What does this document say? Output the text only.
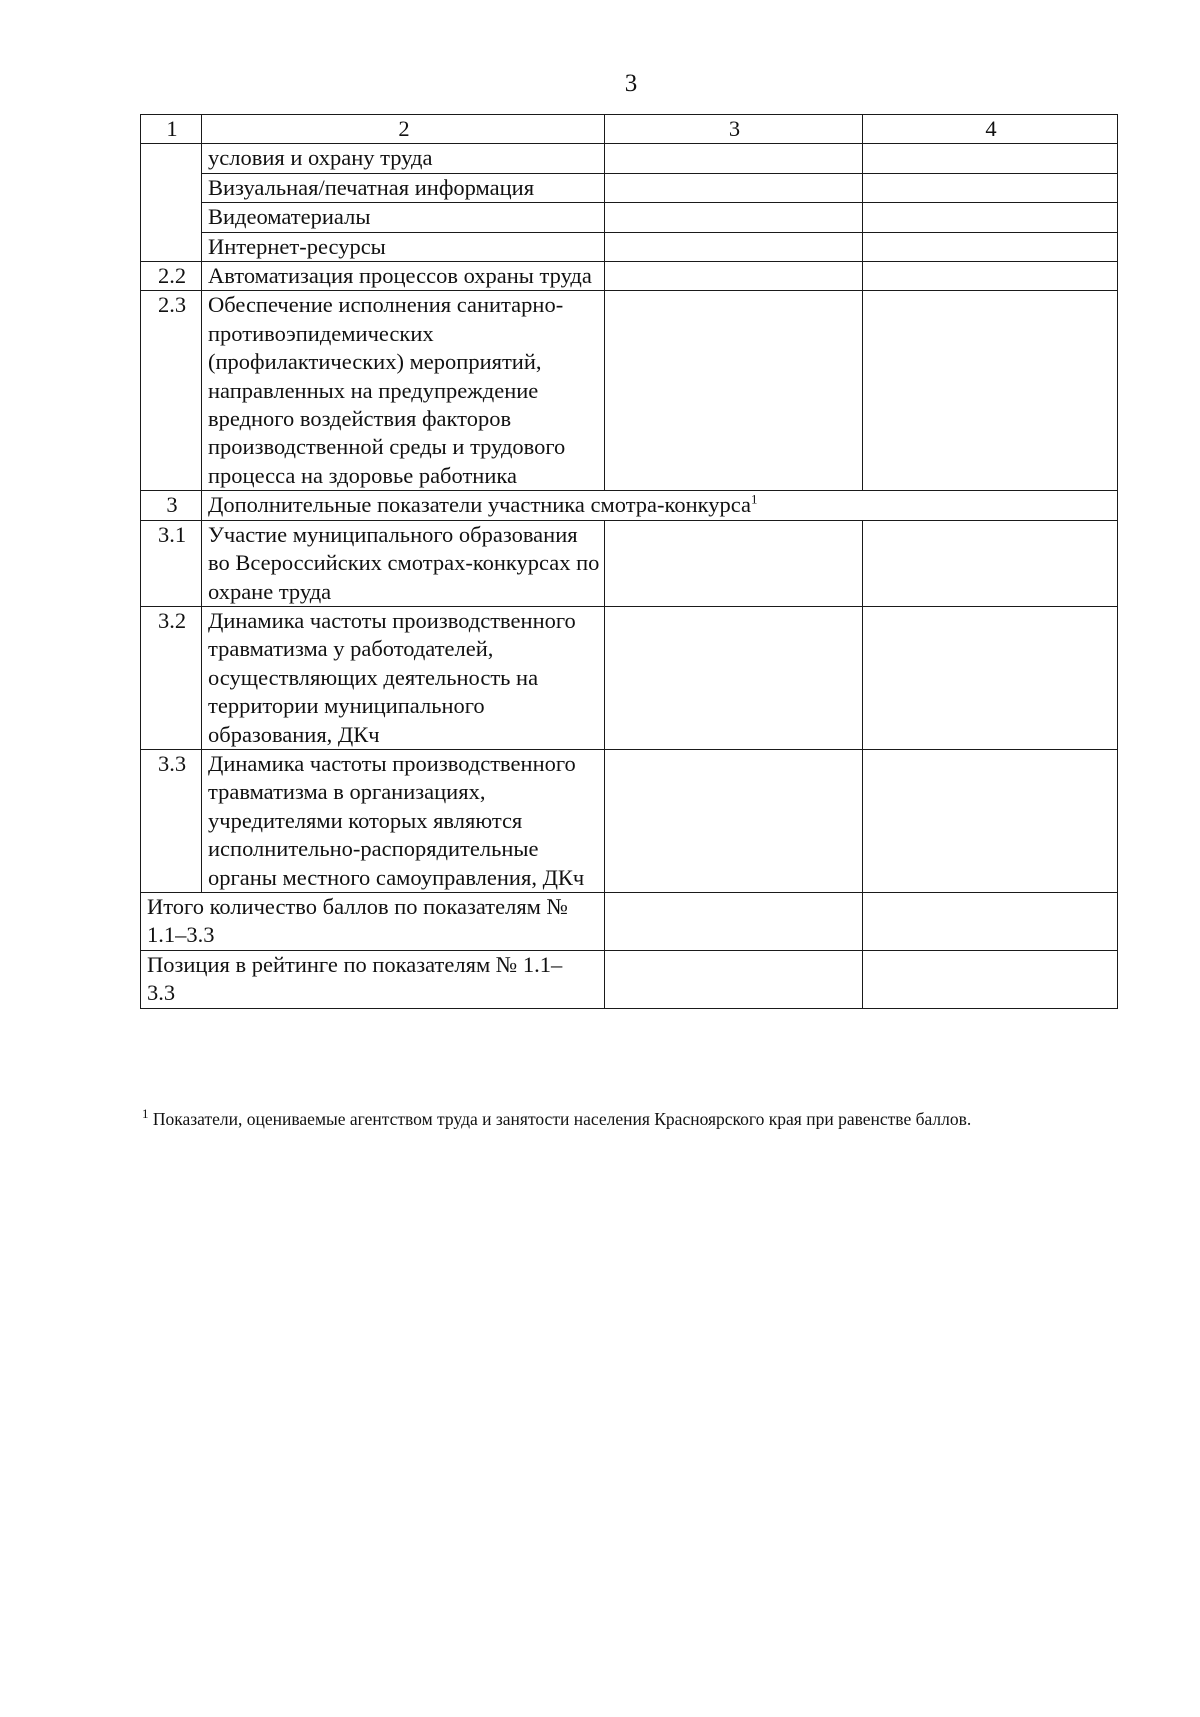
3
1	2	3	4
	условия и охрану труда		
	Визуальная/печатная информация		
	Видеоматериалы		
	Интернет-ресурсы		
2.2	Автоматизация процессов охраны труда		
2.3	Обеспечение исполнения санитарно-противоэпидемических (профилактических) мероприятий, направленных на предупреждение вредного воздействия факторов производственной среды и трудового процесса на здоровье работника		
3	Дополнительные показатели участника смотра-конкурса$^1$
3.1	Участие муниципального образования во Всероссийских смотрах-конкурсах по охране труда		
3.2	Динамика частоты производственного травматизма у работодателей, осуществляющих деятельность на территории муниципального образования, ДКч		
3.3	Динамика частоты производственного травматизма в организациях, учредителями которых являются исполнительно-распорядительные органы местного самоуправления, ДКч		
Итого количество баллов по показателям № 1.1–3.3			
Позиция в рейтинге по показателям № 1.1–3.3			
$^1$ Показатели, оцениваемые агентством труда и занятости населения Красноярского края при равенстве баллов.
